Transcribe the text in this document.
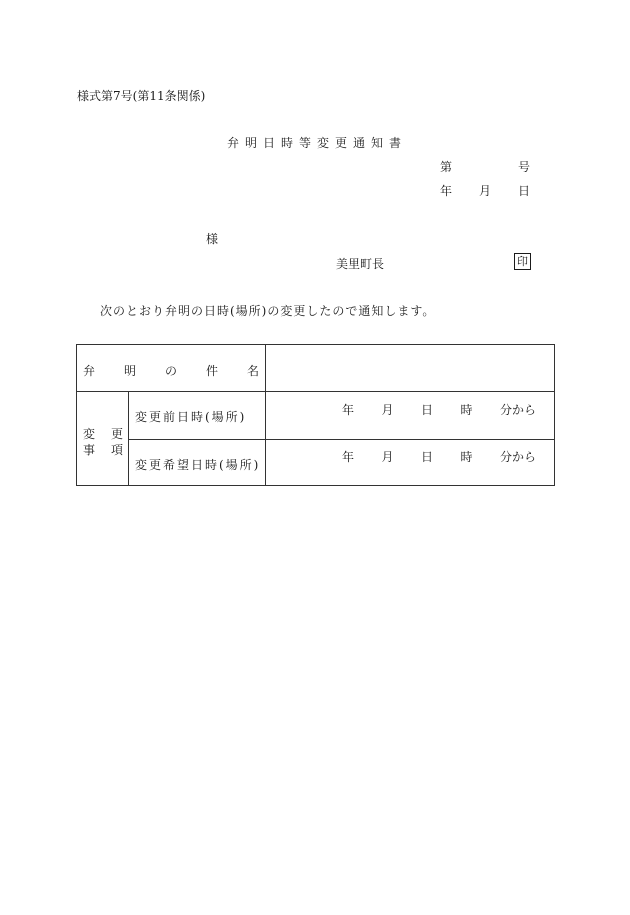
様式第7号(第11条関係)
弁明日時等変更通知書
第	号
年 月 日
様
美里町長	印
次のとおり弁明の日時(場所)の変更したので通知します。
弁 明 の 件 名
変 更
事 項
変更前日時(場所)
変更希望日時(場所)
年 月 日 時 分から
年 月 日 時 分から
